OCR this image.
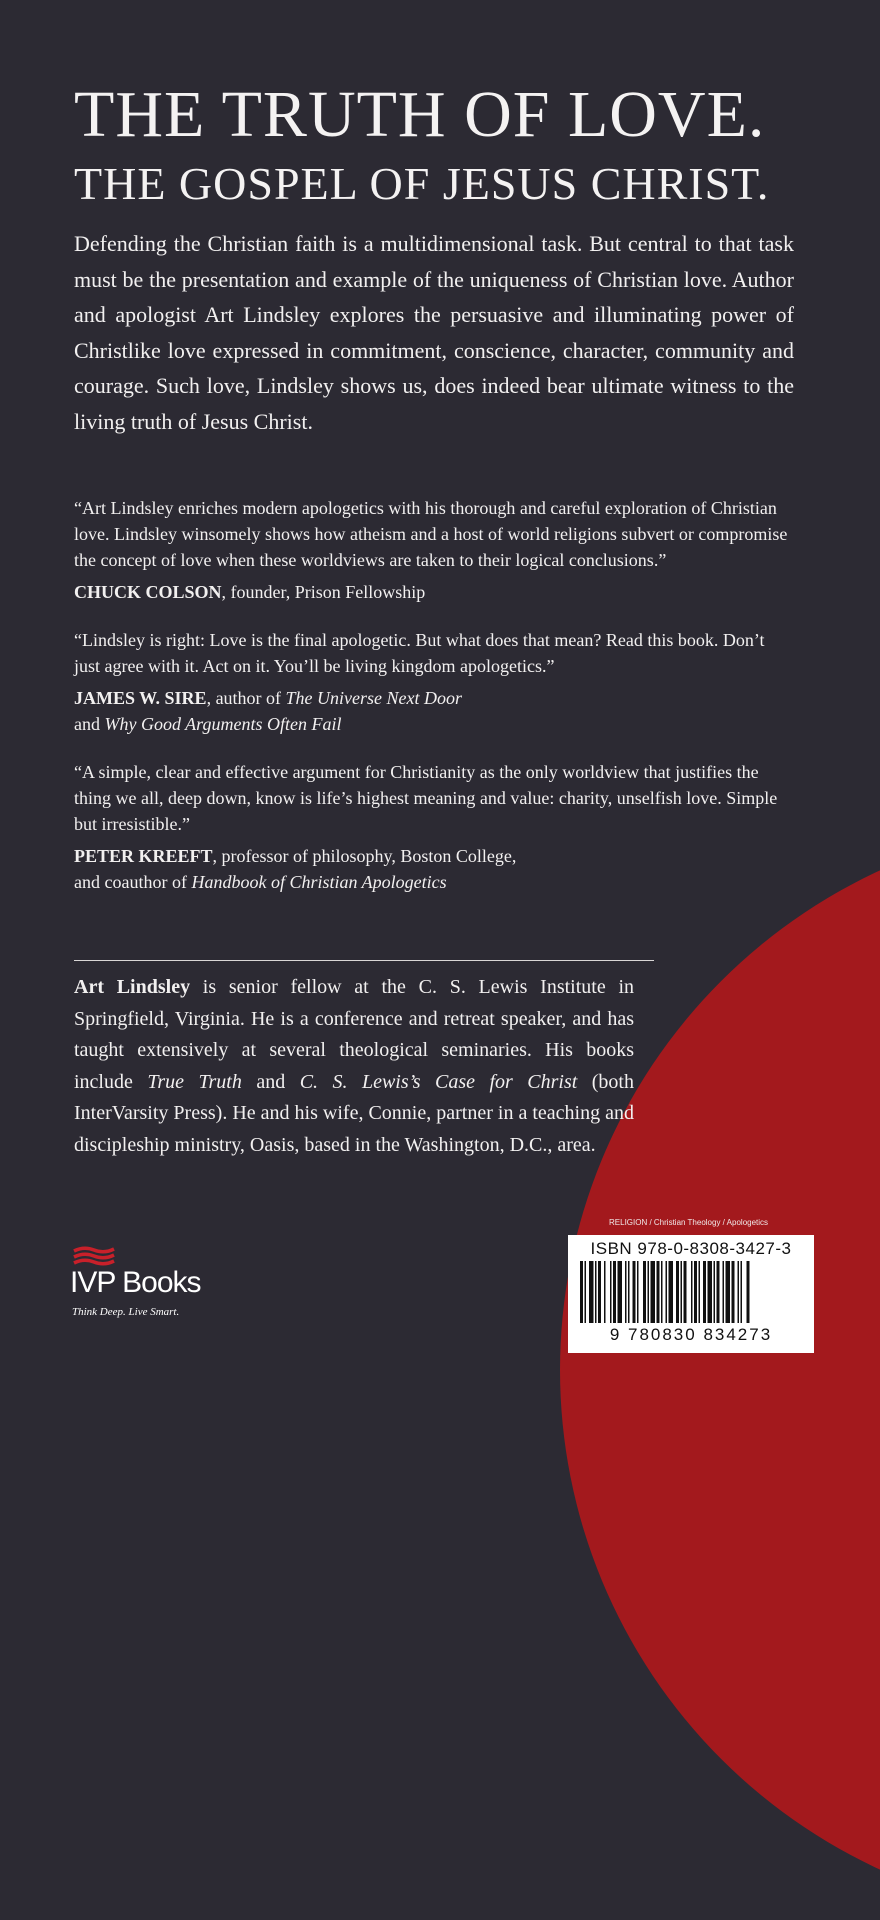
THE TRUTH OF LOVE.
THE GOSPEL OF JESUS CHRIST.

Defending the Christian faith is a multidimensional task. But central to that task must be the presentation and example of the uniqueness of Christian love. Author and apologist Art Lindsley explores the persuasive and illuminating power of Christlike love expressed in commitment, conscience, character, community and courage. Such love, Lindsley shows us, does indeed bear ultimate witness to the living truth of Jesus Christ.

“Art Lindsley enriches modern apologetics with his thorough and careful exploration of Christian love. Lindsley winsomely shows how atheism and a host of world religions subvert or compromise the concept of love when these worldviews are taken to their logical conclusions.”

CHUCK COLSON, founder, Prison Fellowship

“Lindsley is right: Love is the final apologetic. But what does that mean? Read this book. Don’t just agree with it. Act on it. You’ll be living kingdom apologetics.”

JAMES W. SIRE, author of The Universe Next Door
and Why Good Arguments Often Fail

“A simple, clear and effective argument for Christianity as the only worldview that justifies the thing we all, deep down, know is life’s highest meaning and value: charity, unselfish love. Simple but irresistible.”

PETER KREEFT, professor of philosophy, Boston College,
and coauthor of Handbook of Christian Apologetics

Art Lindsley is senior fellow at the C. S. Lewis Institute in Springfield, Virginia. He is a conference and retreat speaker, and has taught extensively at several theological seminaries. His books include True Truth and C. S. Lewis’s Case for Christ (both InterVarsity Press). He and his wife, Connie, partner in a teaching and discipleship ministry, Oasis, based in the Washington, D.C., area.

IVP Books
Think Deep. Live Smart.
RELIGION / Christian Theology / Apologetics
ISBN 978-0-8308-3427-3
9 780830 834273
